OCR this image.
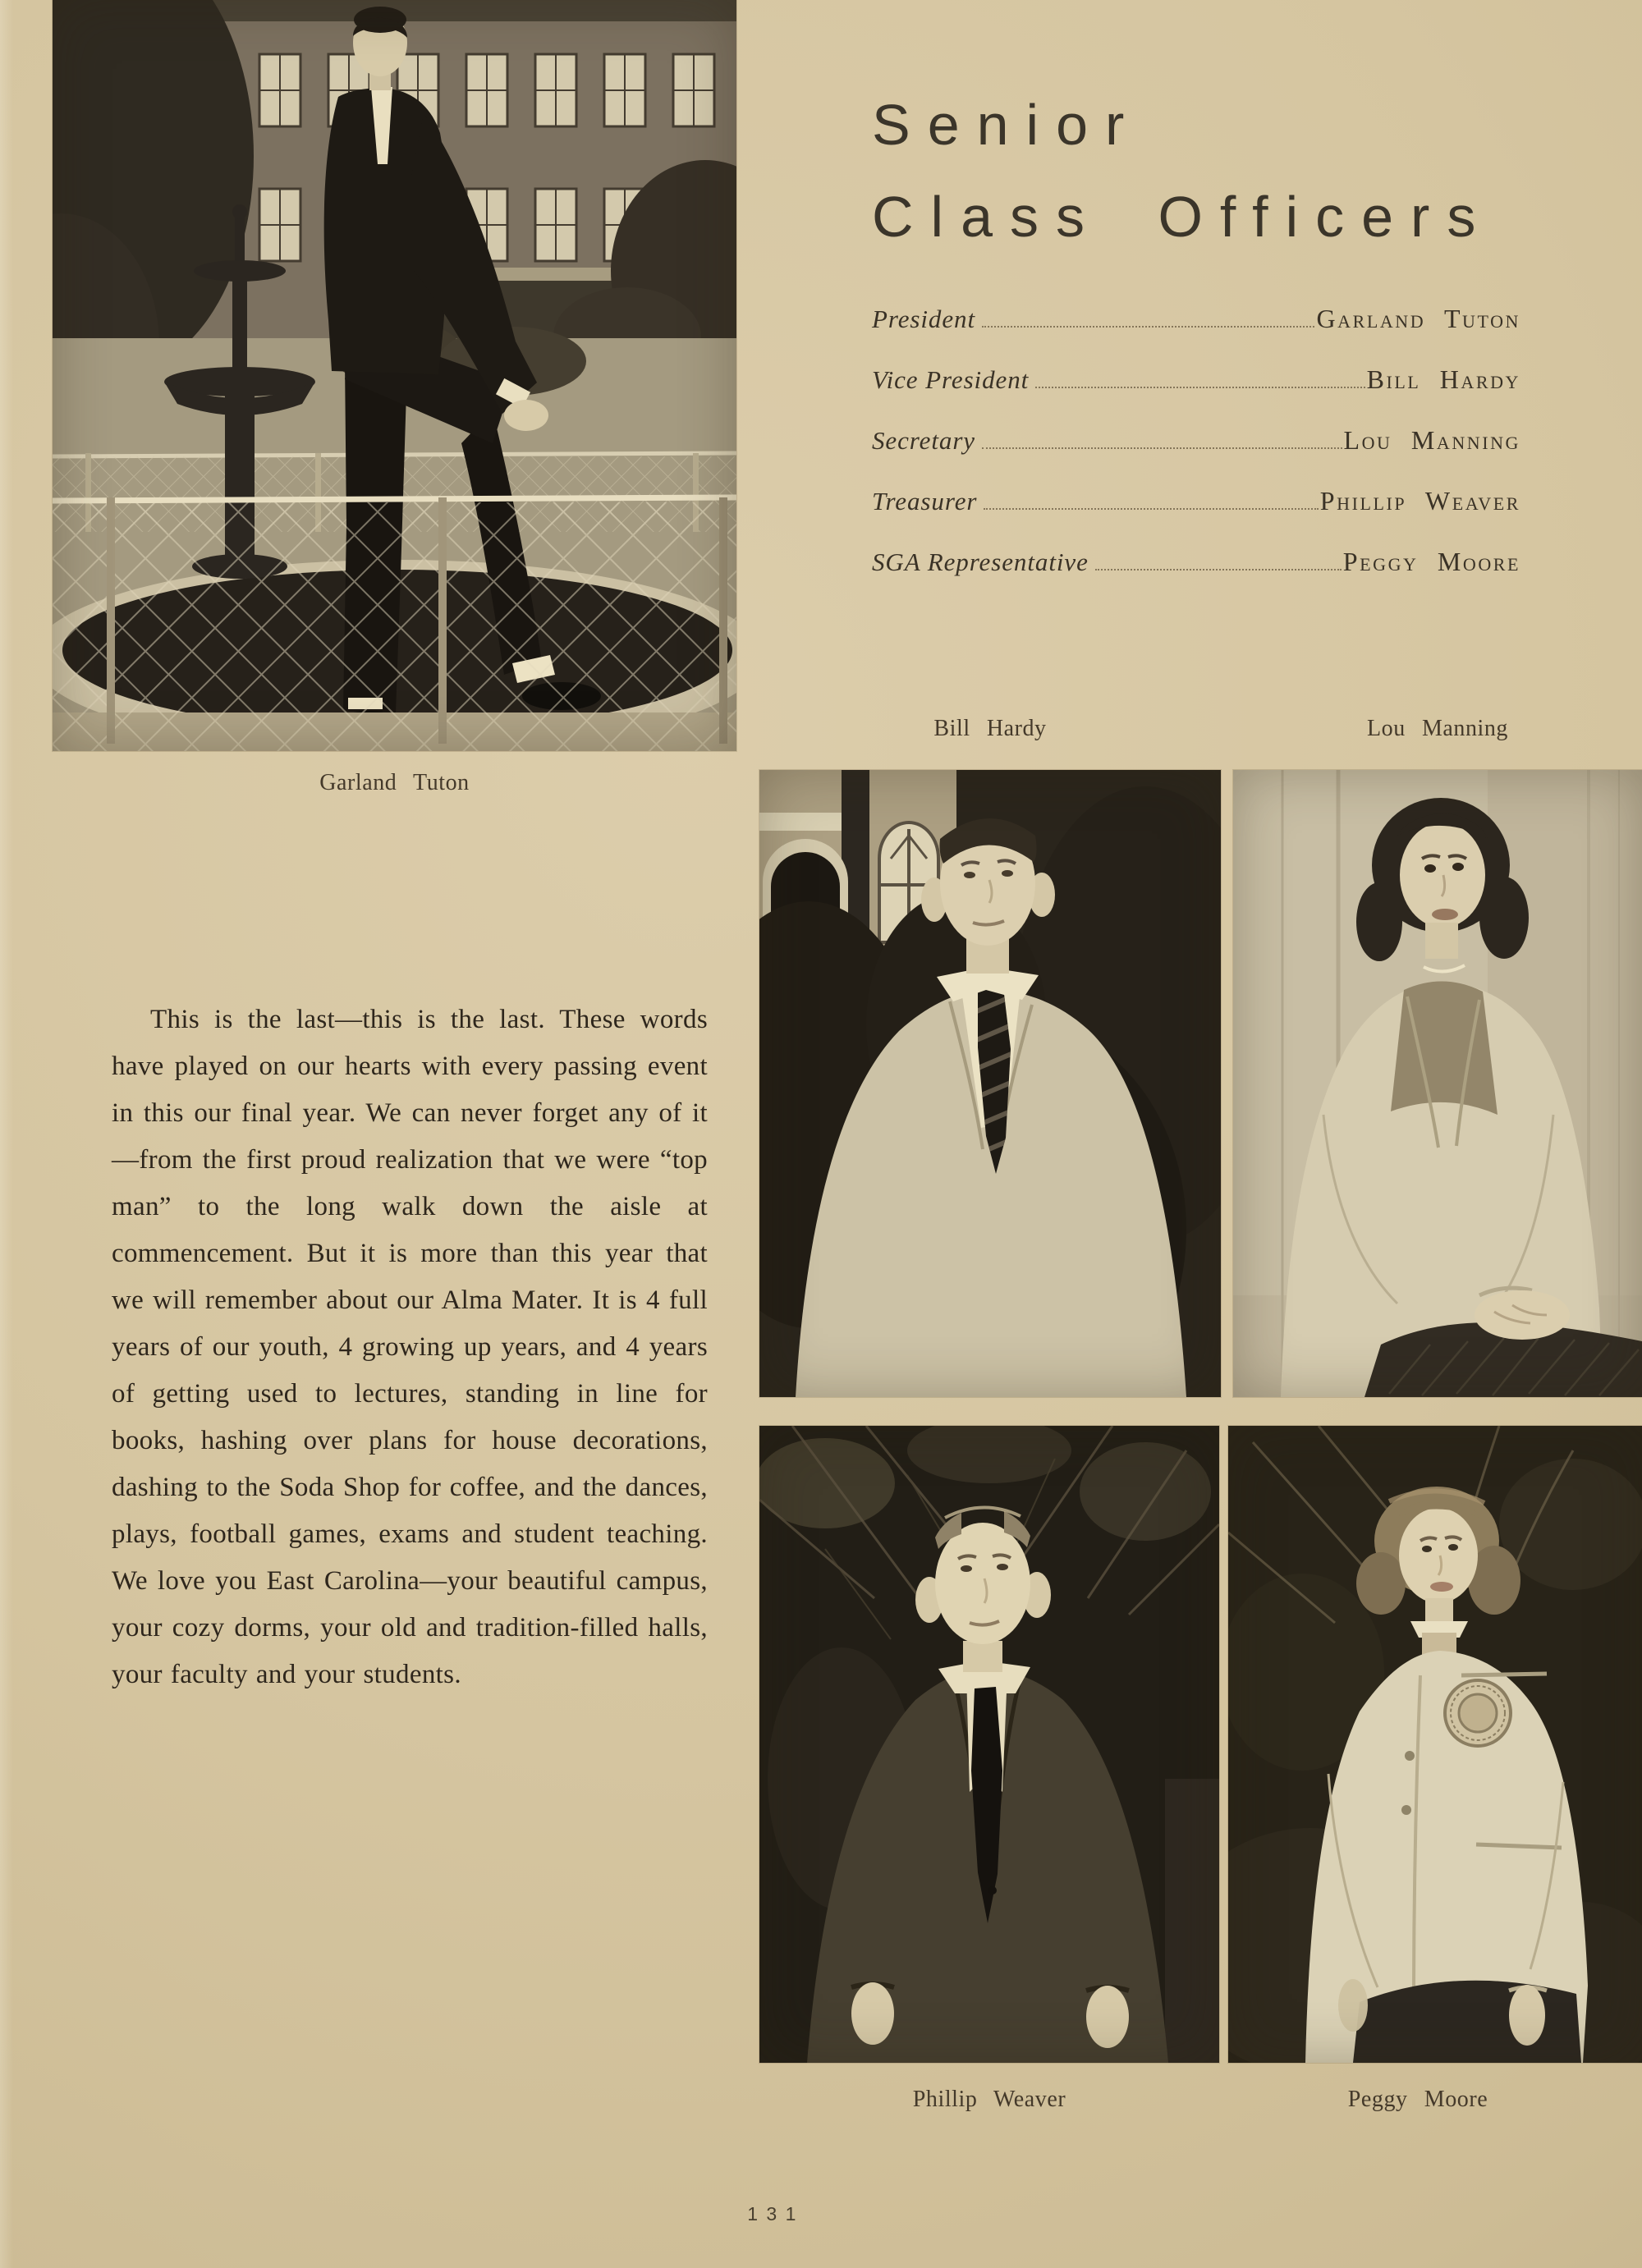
Garland Tuton
Senior
Class Officers
President	Garland Tuton
Vice President	Bill Hardy
Secretary	Lou Manning
Treasurer	Phillip Weaver
SGA Representative	Peggy Moore
Bill Hardy	Lou Manning
Phillip Weaver	Peggy Moore
This is the last—this is the last. These words have played on our hearts with every passing event in this our final year. We can never forget any of it—from the first proud realization that we were “top man” to the long walk down the aisle at commencement. But it is more than this year that we will remember about our Alma Mater. It is 4 full years of our youth, 4 growing up years, and 4 years of getting used to lectures, standing in line for books, hashing over plans for house decorations, dashing to the Soda Shop for coffee, and the dances, plays, football games, exams and student teaching. We love you East Carolina—your beautiful campus, your cozy dorms, your old and tradition-filled halls, your faculty and your students.
131
